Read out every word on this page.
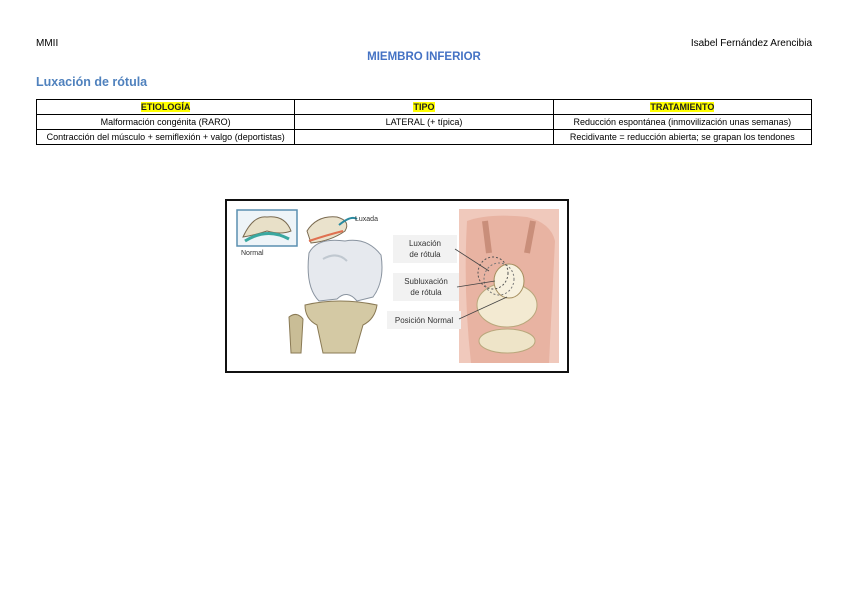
MMII	Isabel Fernández Arencibia
MIEMBRO INFERIOR
Luxación de rótula
ETIOLOGÍA	TIPO	TRATAMIENTO
Malformación congénita (RARO)	LATERAL (+ típica)	Reducción espontánea (inmovilización unas semanas)
Contracción del músculo + semiflexión + valgo (deportistas)		Recidivante = reducción abierta; se grapan los tendones
Normal
Luxada
Luxación
de rótula
Subluxación
de rótula
Posición Normal
